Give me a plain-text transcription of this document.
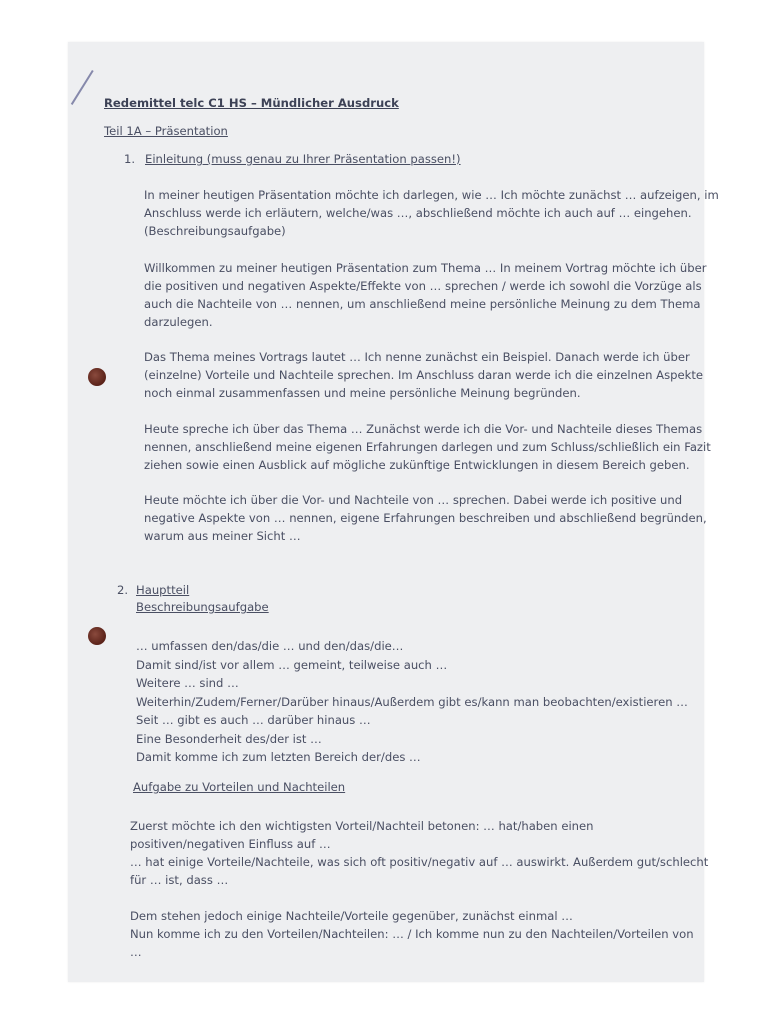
Redemittel telc C1 HS – Mündlicher Ausdruck
Teil 1A – Präsentation
1. Einleitung (muss genau zu Ihrer Präsentation passen!)
In meiner heutigen Präsentation möchte ich darlegen, wie … Ich möchte zunächst … aufzeigen, im
Anschluss werde ich erläutern, welche/was …, abschließend möchte ich auch auf … eingehen.
(Beschreibungsaufgabe)
Willkommen zu meiner heutigen Präsentation zum Thema … In meinem Vortrag möchte ich über
die positiven und negativen Aspekte/Effekte von … sprechen / werde ich sowohl die Vorzüge als
auch die Nachteile von … nennen, um anschließend meine persönliche Meinung zu dem Thema
darzulegen.
Das Thema meines Vortrags lautet … Ich nenne zunächst ein Beispiel. Danach werde ich über
(einzelne) Vorteile und Nachteile sprechen. Im Anschluss daran werde ich die einzelnen Aspekte
noch einmal zusammenfassen und meine persönliche Meinung begründen.
Heute spreche ich über das Thema … Zunächst werde ich die Vor- und Nachteile dieses Themas
nennen, anschließend meine eigenen Erfahrungen darlegen und zum Schluss/schließlich ein Fazit
ziehen sowie einen Ausblick auf mögliche zukünftige Entwicklungen in diesem Bereich geben.
Heute möchte ich über die Vor- und Nachteile von … sprechen. Dabei werde ich positive und
negative Aspekte von … nennen, eigene Erfahrungen beschreiben und abschließend begründen,
warum aus meiner Sicht …
2. Hauptteil
Beschreibungsaufgabe
… umfassen den/das/die … und den/das/die…
Damit sind/ist vor allem … gemeint, teilweise auch …
Weitere … sind …
Weiterhin/Zudem/Ferner/Darüber hinaus/Außerdem gibt es/kann man beobachten/existieren …
Seit … gibt es auch … darüber hinaus …
Eine Besonderheit des/der ist …
Damit komme ich zum letzten Bereich der/des …
Aufgabe zu Vorteilen und Nachteilen
Zuerst möchte ich den wichtigsten Vorteil/Nachteil betonen: … hat/haben einen
positiven/negativen Einfluss auf …
… hat einige Vorteile/Nachteile, was sich oft positiv/negativ auf … auswirkt. Außerdem gut/schlecht
für … ist, dass …
Dem stehen jedoch einige Nachteile/Vorteile gegenüber, zunächst einmal …
Nun komme ich zu den Vorteilen/Nachteilen: … / Ich komme nun zu den Nachteilen/Vorteilen von
…
